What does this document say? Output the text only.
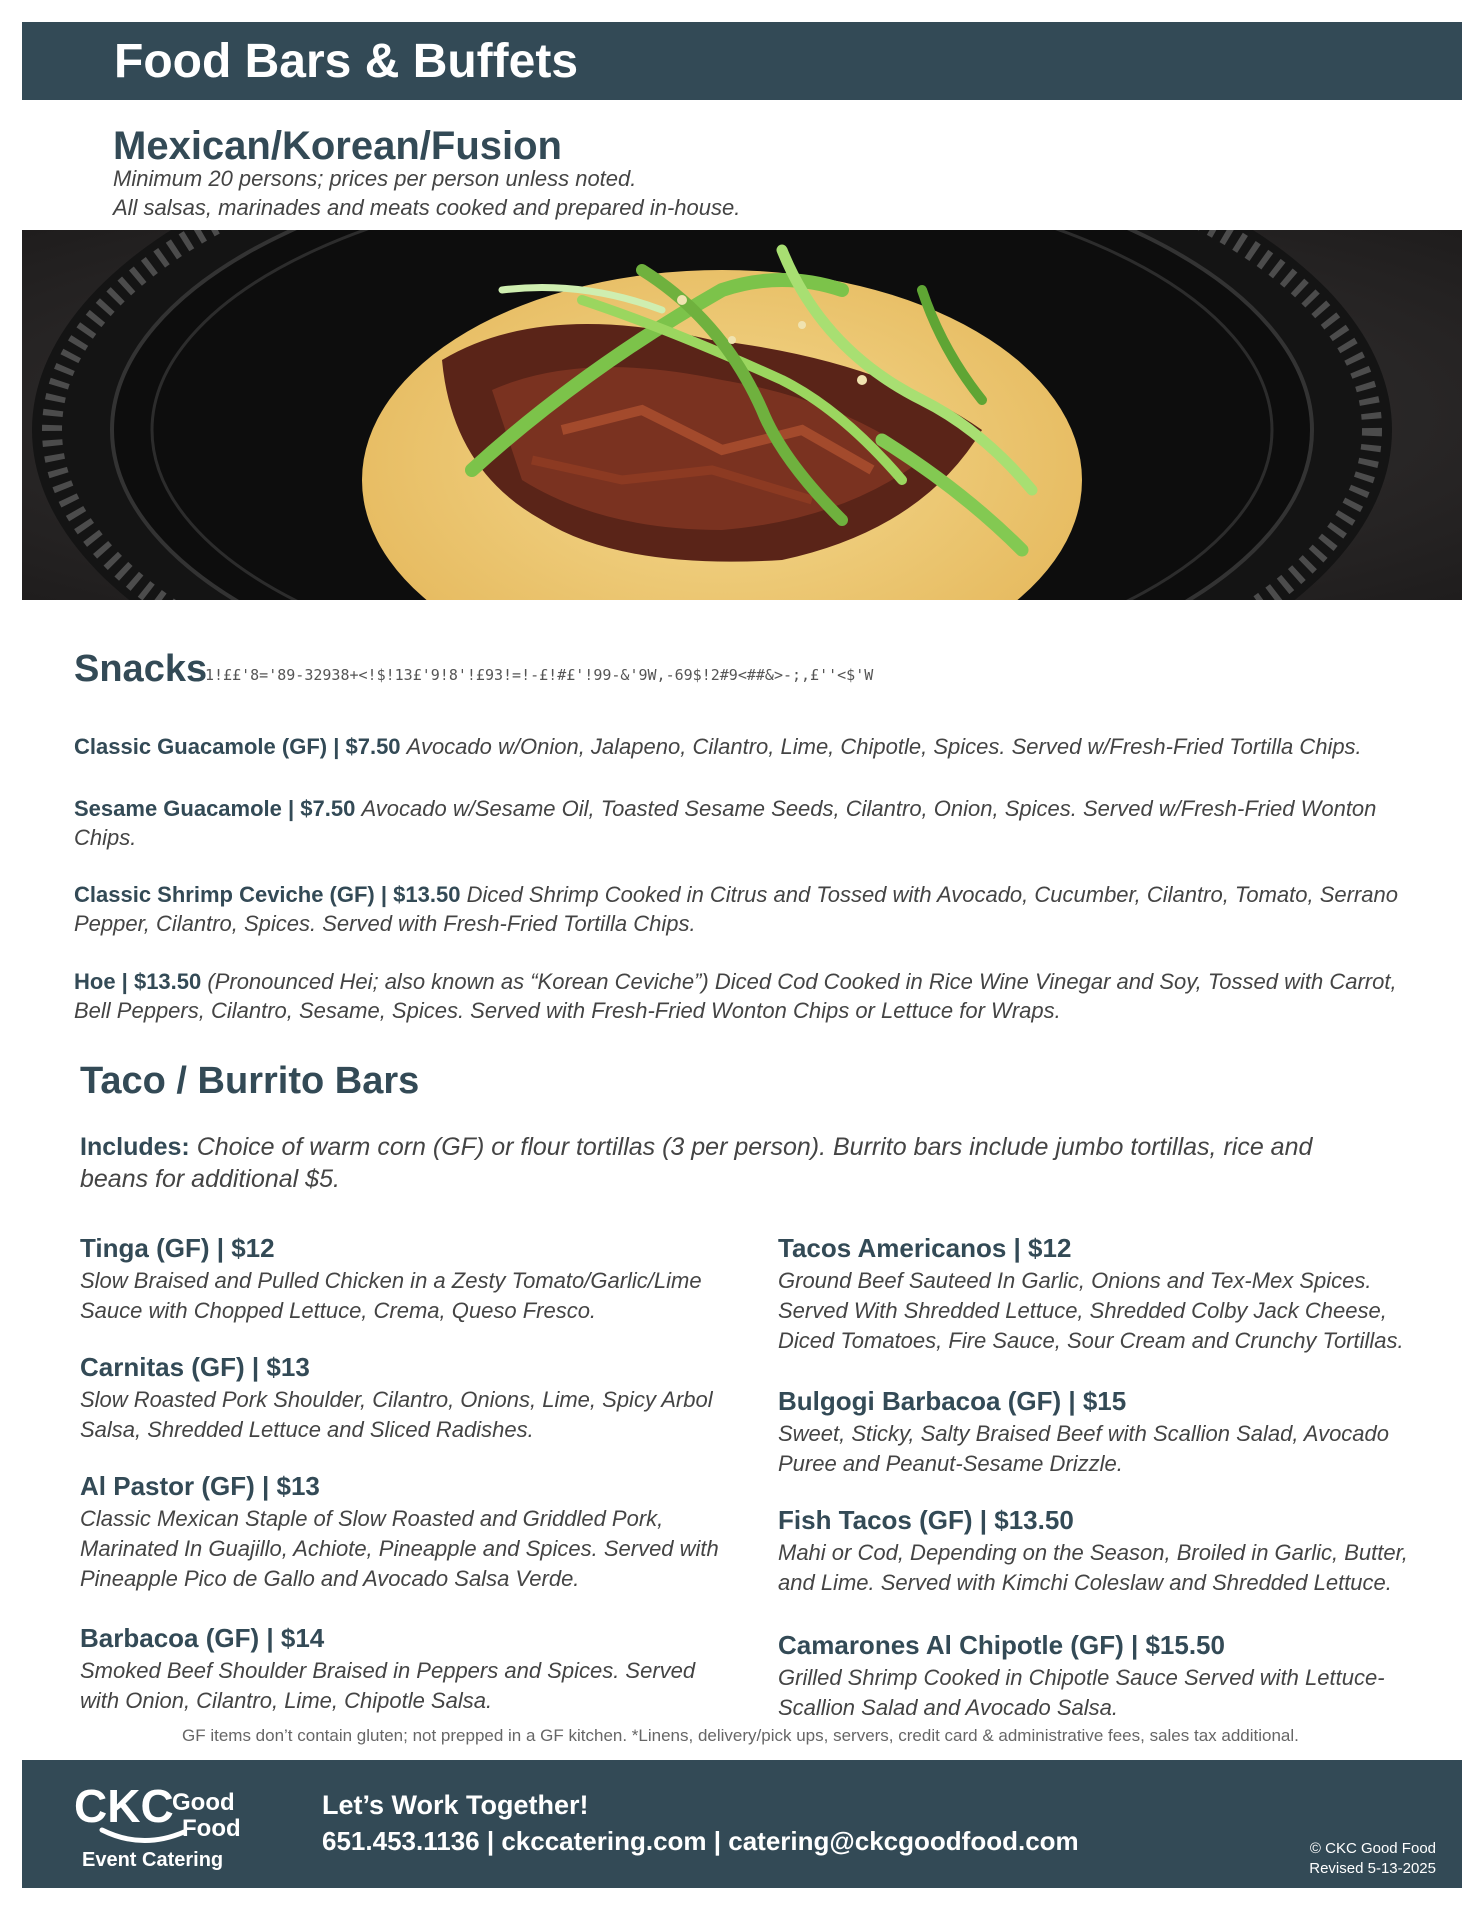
Food Bars & Buffets
Mexican/Korean/Fusion
Minimum 20 persons; prices per person unless noted.
All salsas, marinades and meats cooked and prepared in-house.
Snacks
1!££'8='89-32938+<!$!13£'9!8'!£93!=!-£!#£'!99-&'9W,-69$!2#9<##&>-;,£''<$'W
Classic Guacamole (GF) | $7.50 Avocado w/Onion, Jalapeno, Cilantro, Lime, Chipotle, Spices. Served w/Fresh-Fried Tortilla Chips.
Sesame Guacamole | $7.50 Avocado w/Sesame Oil, Toasted Sesame Seeds, Cilantro, Onion, Spices. Served w/Fresh-Fried Wonton Chips.
Classic Shrimp Ceviche (GF) | $13.50 Diced Shrimp Cooked in Citrus and Tossed with Avocado, Cucumber, Cilantro, Tomato, Serrano Pepper, Cilantro, Spices. Served with Fresh-Fried Tortilla Chips.
Hoe | $13.50 (Pronounced Hei; also known as “Korean Ceviche”) Diced Cod Cooked in Rice Wine Vinegar and Soy, Tossed with Carrot, Bell Peppers, Cilantro, Sesame, Spices. Served with Fresh-Fried Wonton Chips or Lettuce for Wraps.
Taco / Burrito Bars
Includes: Choice of warm corn (GF) or flour tortillas (3 per person). Burrito bars include jumbo tortillas, rice and beans for additional $5.
Tinga (GF) | $12
Slow Braised and Pulled Chicken in a Zesty Tomato/Garlic/Lime Sauce with Chopped Lettuce, Crema, Queso Fresco.
Carnitas (GF) | $13
Slow Roasted Pork Shoulder, Cilantro, Onions, Lime, Spicy Arbol Salsa, Shredded Lettuce and Sliced Radishes.
Al Pastor (GF) | $13
Classic Mexican Staple of Slow Roasted and Griddled Pork, Marinated In Guajillo, Achiote, Pineapple and Spices. Served with Pineapple Pico de Gallo and Avocado Salsa Verde.
Barbacoa (GF) | $14
Smoked Beef Shoulder Braised in Peppers and Spices. Served with Onion, Cilantro, Lime, Chipotle Salsa.
Tacos Americanos | $12
Ground Beef Sauteed In Garlic, Onions and Tex-Mex Spices. Served With Shredded Lettuce, Shredded Colby Jack Cheese, Diced Tomatoes, Fire Sauce, Sour Cream and Crunchy Tortillas.
Bulgogi Barbacoa (GF) | $15
Sweet, Sticky, Salty Braised Beef with Scallion Salad, Avocado Puree and Peanut-Sesame Drizzle.
Fish Tacos (GF) | $13.50
Mahi or Cod, Depending on the Season, Broiled in Garlic, Butter, and Lime. Served with Kimchi Coleslaw and Shredded Lettuce.
Camarones Al Chipotle (GF) | $15.50
Grilled Shrimp Cooked in Chipotle Sauce Served with Lettuce-Scallion Salad and Avocado Salsa.
GF items don’t contain gluten; not prepped in a GF kitchen. *Linens, delivery/pick ups, servers, credit card & administrative fees, sales tax additional.
CKC
Good
Food
Event Catering
Let’s Work Together!
651.453.1136 | ckccatering.com | catering@ckcgoodfood.com	© CKC Good Food
Revised 5-13-2025
